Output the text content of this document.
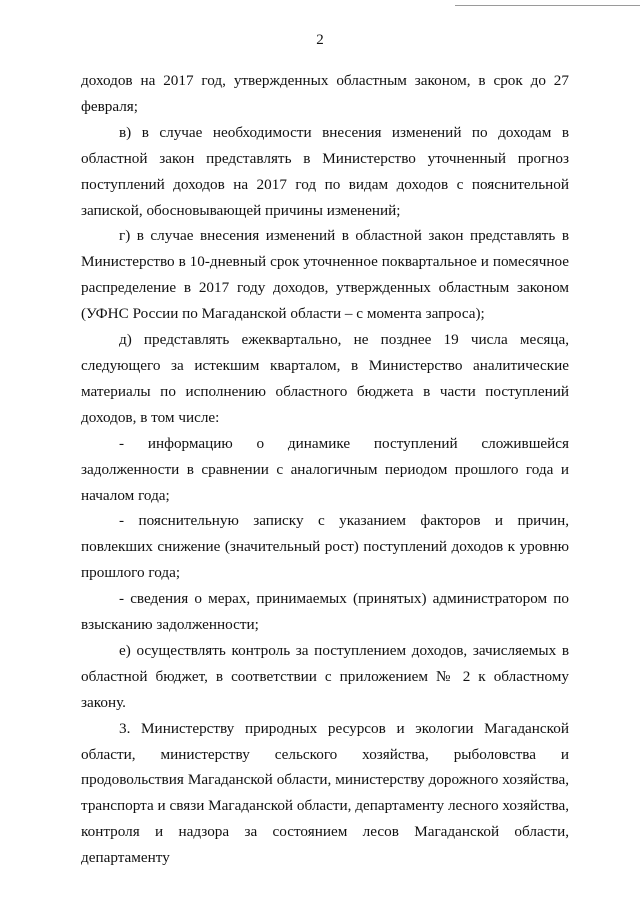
2

доходов на 2017 год, утвержденных областным законом, в срок до 27 февраля;

в) в случае необходимости внесения изменений по доходам в областной закон представлять в Министерство уточненный прогноз поступлений доходов на 2017 год по видам доходов с пояснительной запиской, обосновывающей причины изменений;

г) в случае внесения изменений в областной закон представлять в Министерство в 10-дневный срок уточненное поквартальное и помесячное распределение в 2017 году доходов, утвержденных областным законом (УФНС России по Магаданской области – с момента запроса);

д) представлять ежеквартально, не позднее 19 числа месяца, следующего за истекшим кварталом, в Министерство аналитические материалы по исполнению областного бюджета в части поступлений доходов, в том числе:

- информацию о динамике поступлений сложившейся задолженности в сравнении с аналогичным периодом прошлого года и началом года;

- пояснительную записку с указанием факторов и причин, повлекших снижение (значительный рост) поступлений доходов к уровню прошлого года;

- сведения о мерах, принимаемых (принятых) администратором по взысканию задолженности;

е) осуществлять контроль за поступлением доходов, зачисляемых в областной бюджет, в соответствии с приложением № 2 к областному закону.

3. Министерству природных ресурсов и экологии Магаданской области, министерству сельского хозяйства, рыболовства и продовольствия Магаданской области, министерству дорожного хозяйства, транспорта и связи Магаданской области, департаменту лесного хозяйства, контроля и надзора за состоянием лесов Магаданской области, департаменту
